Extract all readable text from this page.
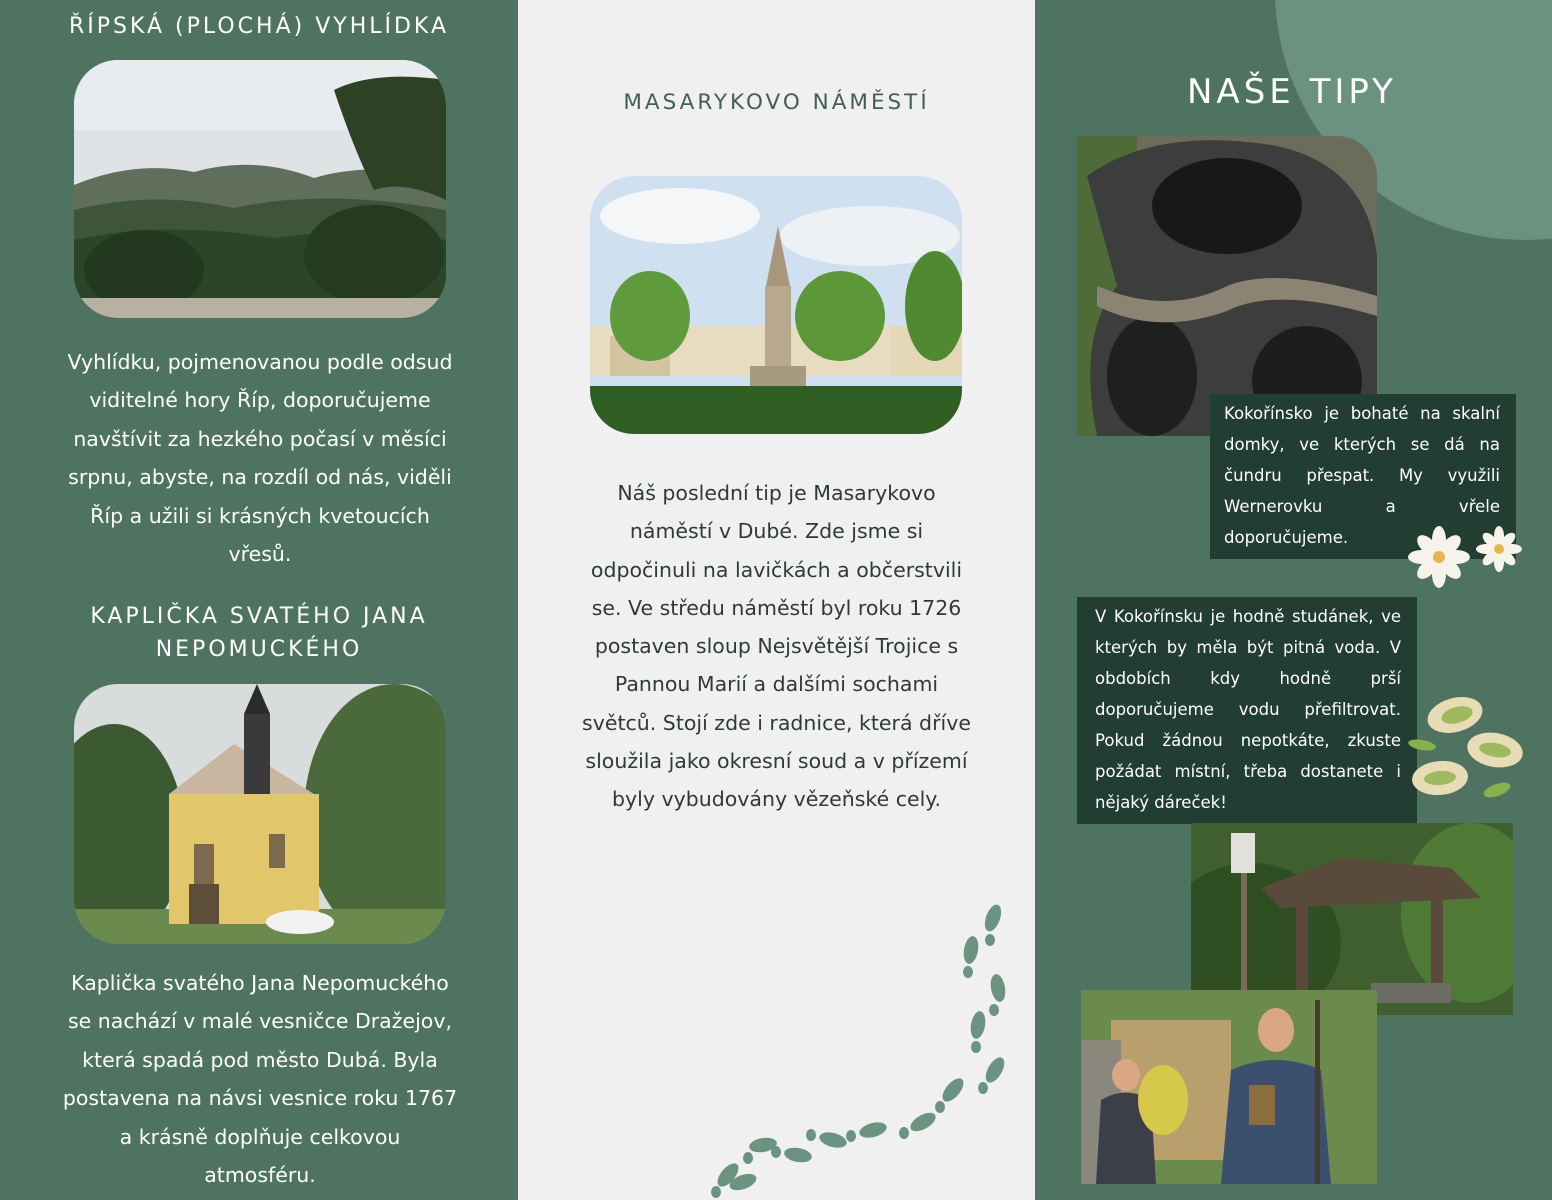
ŘÍPSKÁ (PLOCHÁ) VYHLÍDKA
Vyhlídku, pojmenovanou podle odsud
viditelné hory Říp, doporučujeme
navštívit za hezkého počasí v měsíci
srpnu, abyste, na rozdíl od nás, viděli
Říp a užili si krásných kvetoucích
vřesů.
KAPLIČKA SVATÉHO JANA
NEPOMUCKÉHO
Kaplička svatého Jana Nepomuckého
se nachází v malé vesničce Dražejov,
která spadá pod město Dubá. Byla
postavena na návsi vesnice roku 1767
a krásně doplňuje celkovou
atmosféru.
Náš poslední tip je Masarykovo
náměstí v Dubé. Zde jsme si
odpočinuli na lavičkách a občerstvili
se. Ve středu náměstí byl roku 1726
postaven sloup Nejsvětější Trojice s
Pannou Marií a dalšími sochami
světců. Stojí zde i radnice, která dříve
sloužila jako okresní soud a v přízemí
byly vybudovány vězeňské cely.
MASARYKOVO NÁMĚSTÍ	NAŠE TIPY
Kokořínsko je bohaté na skalní domky, ve kterých se dá na čundru přespat. My využili Wernerovku a vřele doporučujeme.
V Kokořínsku je hodně studánek, ve kterých by měla být pitná voda. V obdobích kdy hodně prší doporučujeme vodu přefiltrovat. Pokud žádnou nepotkáte, zkuste požádat místní, třeba dostanete i nějaký dáreček!
